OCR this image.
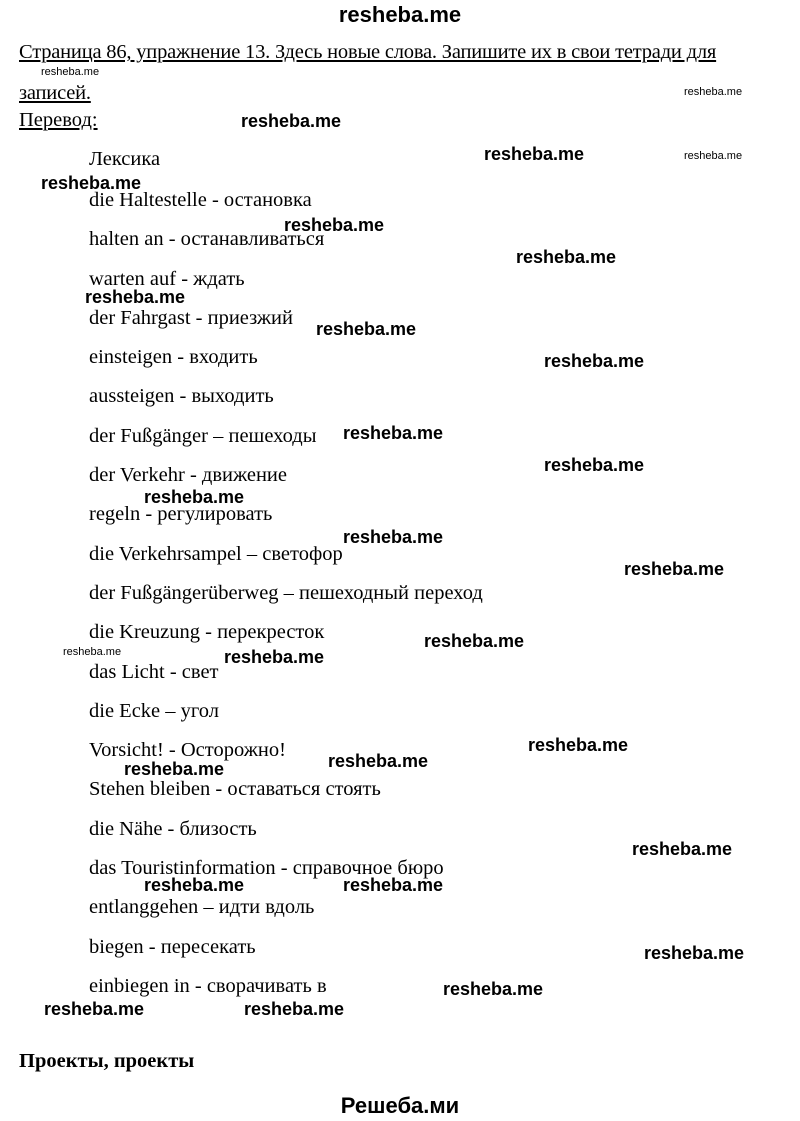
resheba.me
Страница 86, упражнение 13. Здесь новые слова. Запишите их в свои тетради для записей.
Перевод:
Лексика
die Haltestelle - остановка
halten an - останавливаться
warten auf - ждать
der Fahrgast - приезжий
einsteigen - входить
aussteigen - выходить
der Fußgänger – пешеходы
der Verkehr - движение
regeln - регулировать
die Verkehrsampel – светофор
der Fußgängerüberweg – пешеходный переход
die Kreuzung - перекресток
das Licht - свет
die Ecke – угол
Vorsicht! - Осторожно!
Stehen bleiben - оставаться стоять
die Nähe - близость
das Touristinformation - справочное бюро
entlanggehen – идти вдоль
biegen - пересекать
einbiegen in - сворачивать в
Проекты, проекты
Решеба.ми
resheba.me
resheba.me
resheba.me
resheba.me
resheba.me
resheba.me
resheba.me
resheba.me
resheba.me
resheba.me
resheba.me
resheba.me
resheba.me
resheba.me
resheba.me
resheba.me
resheba.me
resheba.me
resheba.me
resheba.me
resheba.me
resheba.me
resheba.me
resheba.me	resheba.me
resheba.me
resheba.me
resheba.me	resheba.me
